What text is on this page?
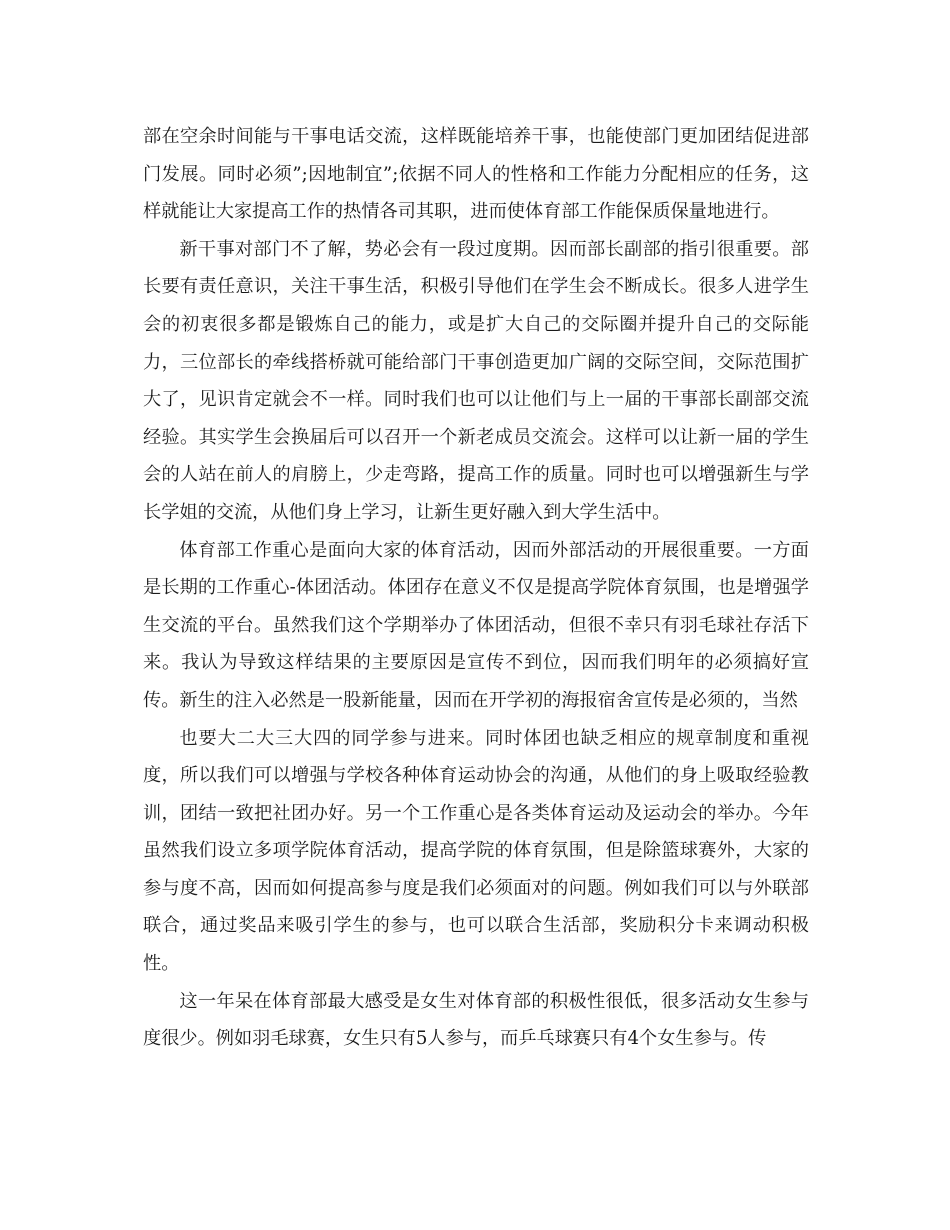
部在空余时间能与干事电话交流，这样既能培养干事，也能使部门更加团结促进部门发展。同时必须”;因地制宜”;依据不同人的性格和工作能力分配相应的任务，这样就能让大家提高工作的热情各司其职，进而使体育部工作能保质保量地进行。

新干事对部门不了解，势必会有一段过度期。因而部长副部的指引很重要。部长要有责任意识，关注干事生活，积极引导他们在学生会不断成长。很多人进学生会的初衷很多都是锻炼自己的能力，或是扩大自己的交际圈并提升自己的交际能力，三位部长的牵线搭桥就可能给部门干事创造更加广阔的交际空间，交际范围扩大了，见识肯定就会不一样。同时我们也可以让他们与上一届的干事部长副部交流经验。其实学生会换届后可以召开一个新老成员交流会。这样可以让新一届的学生会的人站在前人的肩膀上，少走弯路，提高工作的质量。同时也可以增强新生与学长学姐的交流，从他们身上学习，让新生更好融入到大学生活中。

体育部工作重心是面向大家的体育活动，因而外部活动的开展很重要。一方面是长期的工作重心-体团活动。体团存在意义不仅是提高学院体育氛围，也是增强学生交流的平台。虽然我们这个学期举办了体团活动，但很不幸只有羽毛球社存活下来。我认为导致这样结果的主要原因是宣传不到位，因而我们明年的必须搞好宣传。新生的注入必然是一股新能量，因而在开学初的海报宿舍宣传是必须的，当然

也要大二大三大四的同学参与进来。同时体团也缺乏相应的规章制度和重视度，所以我们可以增强与学校各种体育运动协会的沟通，从他们的身上吸取经验教训，团结一致把社团办好。另一个工作重心是各类体育运动及运动会的举办。今年虽然我们设立多项学院体育活动，提高学院的体育氛围，但是除篮球赛外，大家的参与度不高，因而如何提高参与度是我们必须面对的问题。例如我们可以与外联部联合，通过奖品来吸引学生的参与，也可以联合生活部，奖励积分卡来调动积极性。

这一年呆在体育部最大感受是女生对体育部的积极性很低，很多活动女生参与度很少。例如羽毛球赛，女生只有5人参与，而乒乓球赛只有4个女生参与。传
